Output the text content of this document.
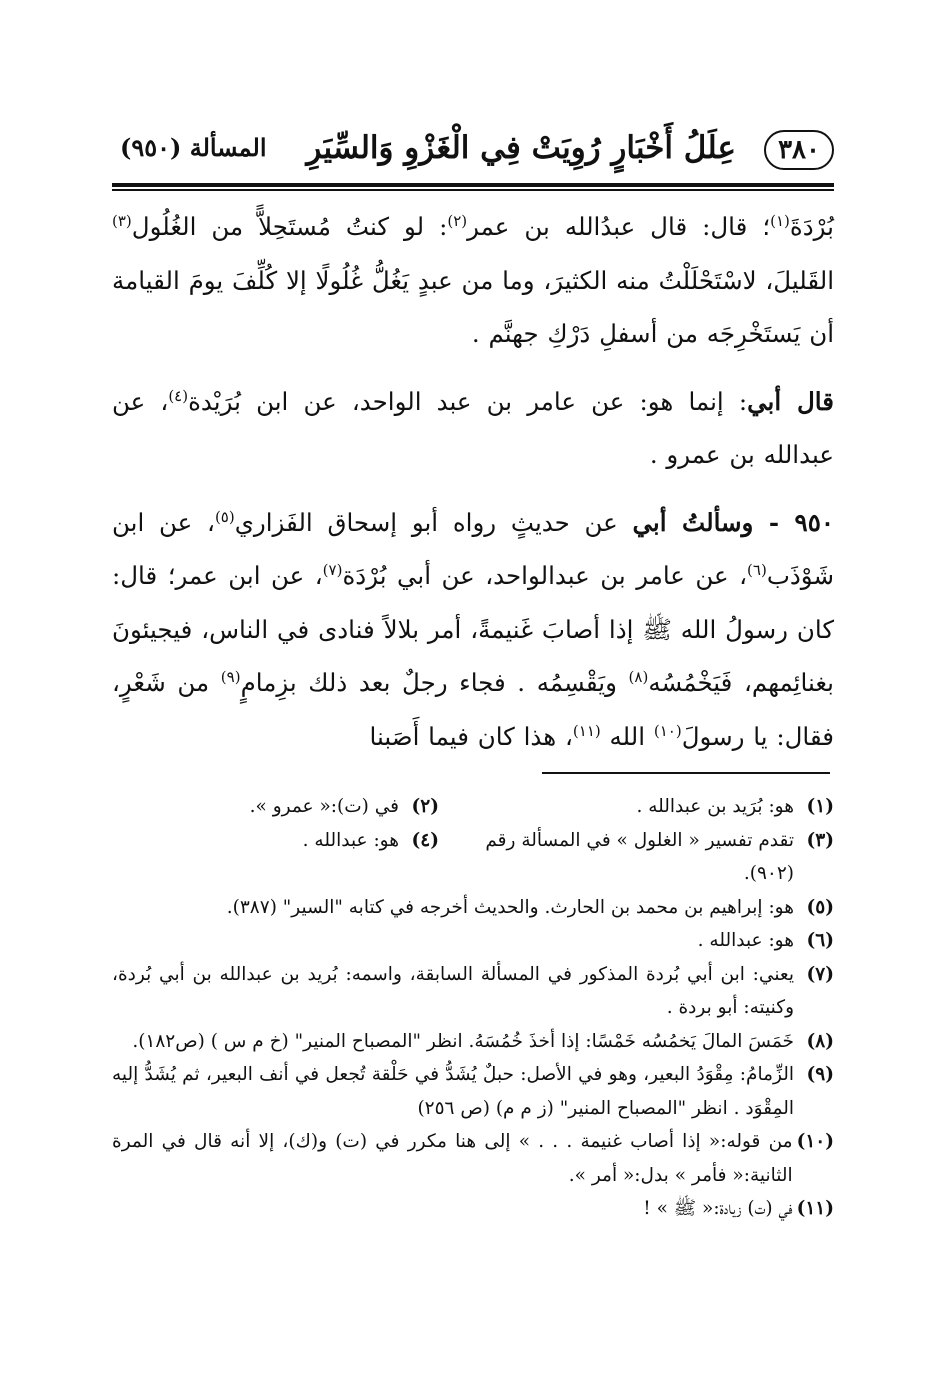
٣٨٠
عِلَلُ أَخْبَارٍ رُوِيَتْ فِي الْغَزْوِ وَالسِّيَرِ
المسألة (٩٥٠)

بُرْدَةَ$^{(١)}$؛ قال: قال عبدُالله بن عمر$^{(٢)}$: لو كنتُ مُستَحِلاًّ من الغُلُول$^{(٣)}$ القَليلَ، لاسْتَحْلَلْتُ منه الكثيرَ، وما من عبدٍ يَغُلُّ غُلُولًا إلا كُلِّفَ يومَ القيامة أن يَستَخْرِجَه من أسفلِ دَرْكِ جهنَّم .

قال أبي: إنما هو: عن عامر بن عبد الواحد، عن ابن بُرَيْدة$^{(٤)}$، عن عبدالله بن عمرو .

٩٥٠ - وسألتُ أبي عن حديثٍ رواه أبو إسحاق الفَزاري$^{(٥)}$، عن ابن شَوْذَب$^{(٦)}$، عن عامر بن عبدالواحد، عن أبي بُرْدَة$^{(٧)}$، عن ابن عمر؛ قال: كان رسولُ الله ﷺ إذا أصابَ غَنيمةً، أمر بلالاً فنادى في الناس، فيجيئونَ بغنائِمهم، فَيَخْمُسُه$^{(٨)}$ ويَقْسِمُه . فجاء رجلٌ بعد ذلك بزِمامٍ$^{(٩)}$ من شَعْرٍ، فقال: يا رسولَ$^{(١٠)}$ الله $^{(١١)}$، هذا كان فيما أَصَبنا

(١)
هو: بُرَيد بن عبدالله .
(٢)
في (ت):« عمرو ».
(٣)
تقدم تفسير « الغلول » في المسألة رقم (٩٠٢).
(٤)
هو: عبدالله .
(٥)
هو: إبراهيم بن محمد بن الحارث. والحديث أخرجه في كتابه "السير" (٣٨٧).
(٦)
هو: عبدالله .
(٧)
يعني: ابن أبي بُردة المذكور في المسألة السابقة، واسمه: بُريد بن عبدالله بن أبي بُردة، وكنيته: أبو بردة .
(٨)
خَمَسَ المالَ يَخمُسُه خَمْسًا: إذا أخذَ خُمُسَهُ. انظر "المصباح المنير" (خ م س ) (ص١٨٢).
(٩)
الزِّمامُ: مِقْوَدُ البعير، وهو في الأصل: حبلٌ يُشَدُّ في حَلْقة تُجعل في أنف البعير، ثم يُشَدُّ إليه المِقْوَد . انظر "المصباح المنير" (ز م م) (ص ٢٥٦)
(١٠)
من قوله:« إذا أصاب غنيمة . . . » إلى هنا مكرر في (ت) و(ك)، إلا أنه قال في المرة الثانية:« فأمر » بدل:« أمر ».
(١١)
في (ت) زيادة:« ﷺ » !
